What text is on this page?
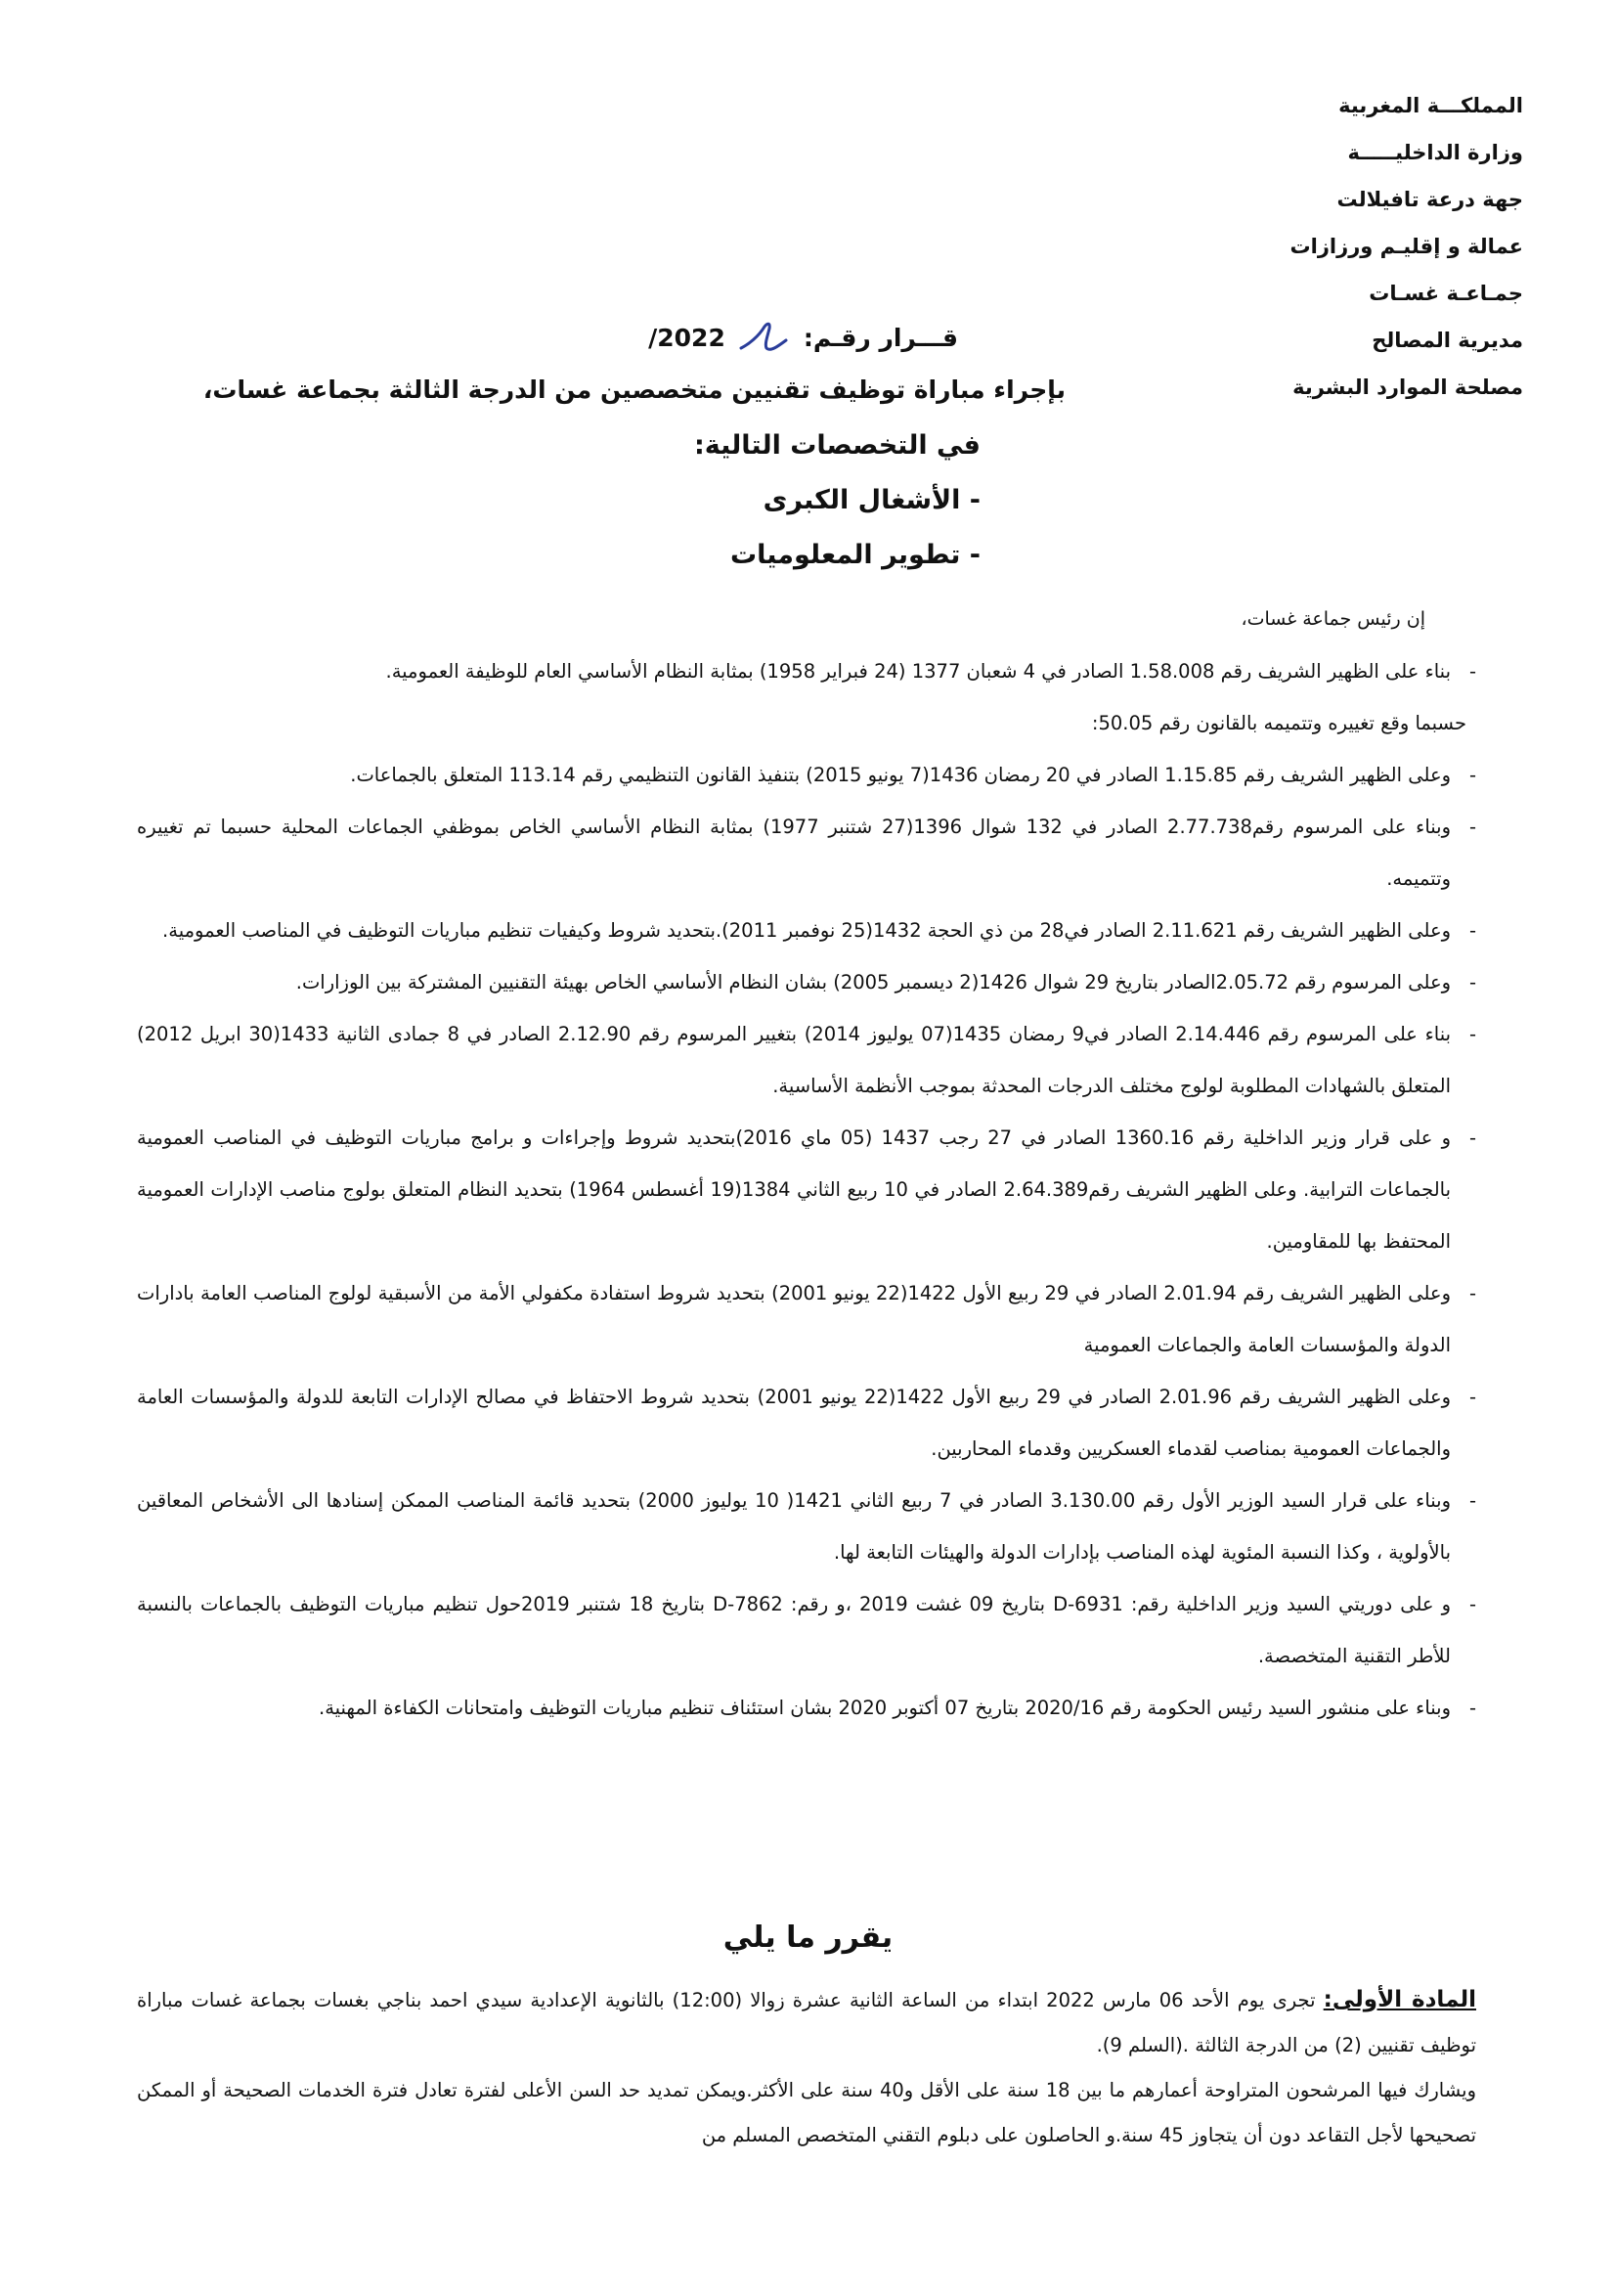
المملكـــة المغربية
وزارة الداخليـــــة
جهة درعة تافيلالت
عمالة و إقليـم ورزازات
جمـاعـة غسـات
مديرية المصالح
مصلحة الموارد البشرية
قـــرار رقـم:
2022/
بإجراء مباراة توظيف تقنيين متخصصين من الدرجة الثالثة بجماعة غسات،
في التخصصات التالية:
- الأشغال الكبرى
- تطوير المعلوميات
إن رئيس جماعة غسات،

-
بناء على الظهير الشريف رقم 1.58.008 الصادر في 4 شعبان 1377 (24 فبراير 1958) بمثابة النظام الأساسي العام للوظيفة العمومية.

حسبما وقع تغييره وتتميمه بالقانون رقم 50.05:

-
وعلى الظهير الشريف رقم 1.15.85 الصادر في 20 رمضان 1436(7 يونيو 2015) بتنفيذ القانون التنظيمي رقم 113.14 المتعلق بالجماعات.

-
وبناء على المرسوم رقم2.77.738 الصادر في 132 شوال 1396(27 شتنبر 1977) بمثابة النظام الأساسي الخاص بموظفي الجماعات المحلية حسبما تم تغييره وتتميمه.

-
وعلى الظهير الشريف رقم 2.11.621 الصادر في28 من ذي الحجة 1432(25 نوفمبر 2011).بتحديد شروط وكيفيات تنظيم مباريات التوظيف في المناصب العمومية.

-
وعلى المرسوم رقم 2.05.72الصادر بتاريخ 29 شوال 1426(2 ديسمبر 2005) بشان النظام الأساسي الخاص بهيئة التقنيين المشتركة بين الوزارات.

-
بناء على المرسوم رقم 2.14.446 الصادر في9 رمضان 1435(07 يوليوز 2014) بتغيير المرسوم رقم 2.12.90 الصادر في 8 جمادى الثانية 1433(30 ابريل 2012) المتعلق بالشهادات المطلوبة لولوج مختلف الدرجات المحدثة بموجب الأنظمة الأساسية.

-
و على قرار وزير الداخلية رقم 1360.16 الصادر في 27 رجب 1437 (05 ماي 2016)بتحديد شروط وإجراءات و برامج مباريات التوظيف في المناصب العمومية بالجماعات الترابية. وعلى الظهير الشريف رقم2.64.389 الصادر في 10 ربيع الثاني 1384(19 أغسطس 1964) بتحديد النظام المتعلق بولوج مناصب الإدارات العمومية المحتفظ بها للمقاومين.

-
وعلى الظهير الشريف رقم 2.01.94 الصادر في 29 ربيع الأول 1422(22 يونيو 2001) بتحديد شروط استفادة مكفولي الأمة من الأسبقية لولوج المناصب العامة بادارات الدولة والمؤسسات العامة والجماعات العمومية

-
وعلى الظهير الشريف رقم 2.01.96 الصادر في 29 ربيع الأول 1422(22 يونيو 2001) بتحديد شروط الاحتفاظ في مصالح الإدارات التابعة للدولة والمؤسسات العامة والجماعات العمومية بمناصب لقدماء العسكريين وقدماء المحاربين.

-
وبناء على قرار السيد الوزير الأول رقم 3.130.00 الصادر في 7 ربيع الثاني 1421( 10 يوليوز 2000) بتحديد قائمة المناصب الممكن إسنادها الى الأشخاص المعاقين بالأولوية ، وكذا النسبة المئوية لهذه المناصب بإدارات الدولة والهيئات التابعة لها.

-
و على دوريتي السيد وزير الداخلية رقم: D-6931 بتاريخ 09 غشت 2019 ،و رقم: D-7862 بتاريخ 18 شتنبر 2019حول تنظيم مباريات التوظيف بالجماعات بالنسبة للأطر التقنية المتخصصة.

-
وبناء على منشور السيد رئيس الحكومة رقم 2020/16 بتاريخ 07 أكتوبر 2020 بشان استئناف تنظيم مباريات التوظيف وامتحانات الكفاءة المهنية.

يقرر ما يلي

المادة الأولى: تجرى يوم الأحد 06 مارس 2022 ابتداء من الساعة الثانية عشرة زوالا (12:00) بالثانوية الإعدادية سيدي احمد بناجي بغسات بجماعة غسات مباراة توظيف تقنيين (2) من الدرجة الثالثة .(السلم 9).

ويشارك فيها المرشحون المتراوحة أعمارهم ما بين 18 سنة على الأقل و40 سنة على الأكثر.ويمكن تمديد حد السن الأعلى لفترة تعادل فترة الخدمات الصحيحة أو الممكن تصحيحها لأجل التقاعد دون أن يتجاوز 45 سنة.و الحاصلون على دبلوم التقني المتخصص المسلم من
